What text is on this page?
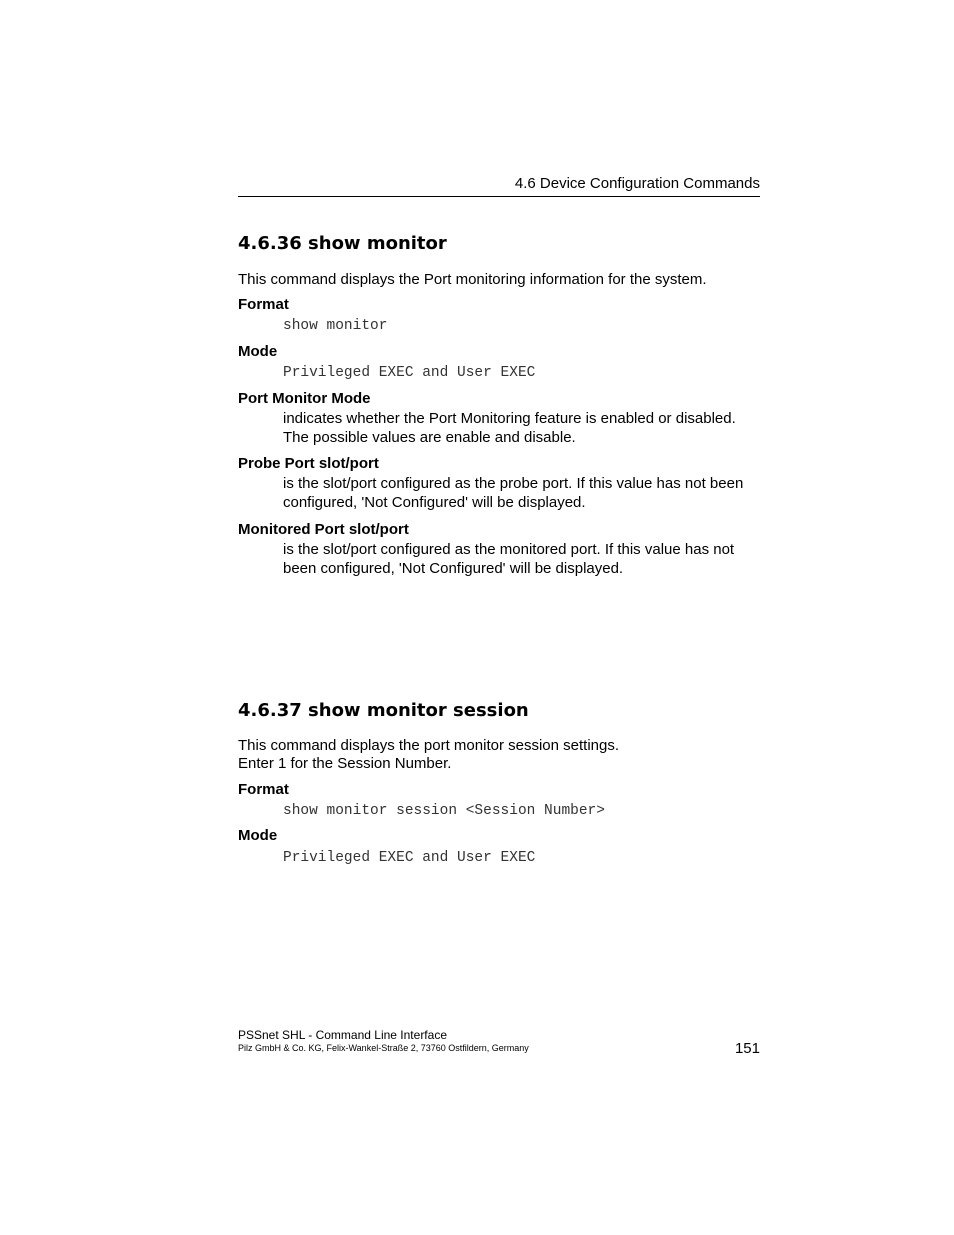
4.6 Device Configuration Commands
4.6.36 show monitor

This command displays the Port monitoring information for the system.

Format
show monitor
Mode
Privileged EXEC and User EXEC
Port Monitor Mode
indicates whether the Port Monitoring feature is enabled or disabled.
The possible values are enable and disable.
Probe Port slot/port
is the slot/port configured as the probe port. If this value has not been
configured, 'Not Configured' will be displayed.
Monitored Port slot/port
is the slot/port configured as the monitored port. If this value has not
been configured, 'Not Configured' will be displayed.
4.6.37 show monitor session

This command displays the port monitor session settings.

Enter 1 for the Session Number.

Format
show monitor session <Session Number>
Mode
Privileged EXEC and User EXEC
PSSnet SHL - Command Line Interface
Pilz GmbH & Co. KG, Felix-Wankel-Straße 2, 73760 Ostfildern, Germany	151
